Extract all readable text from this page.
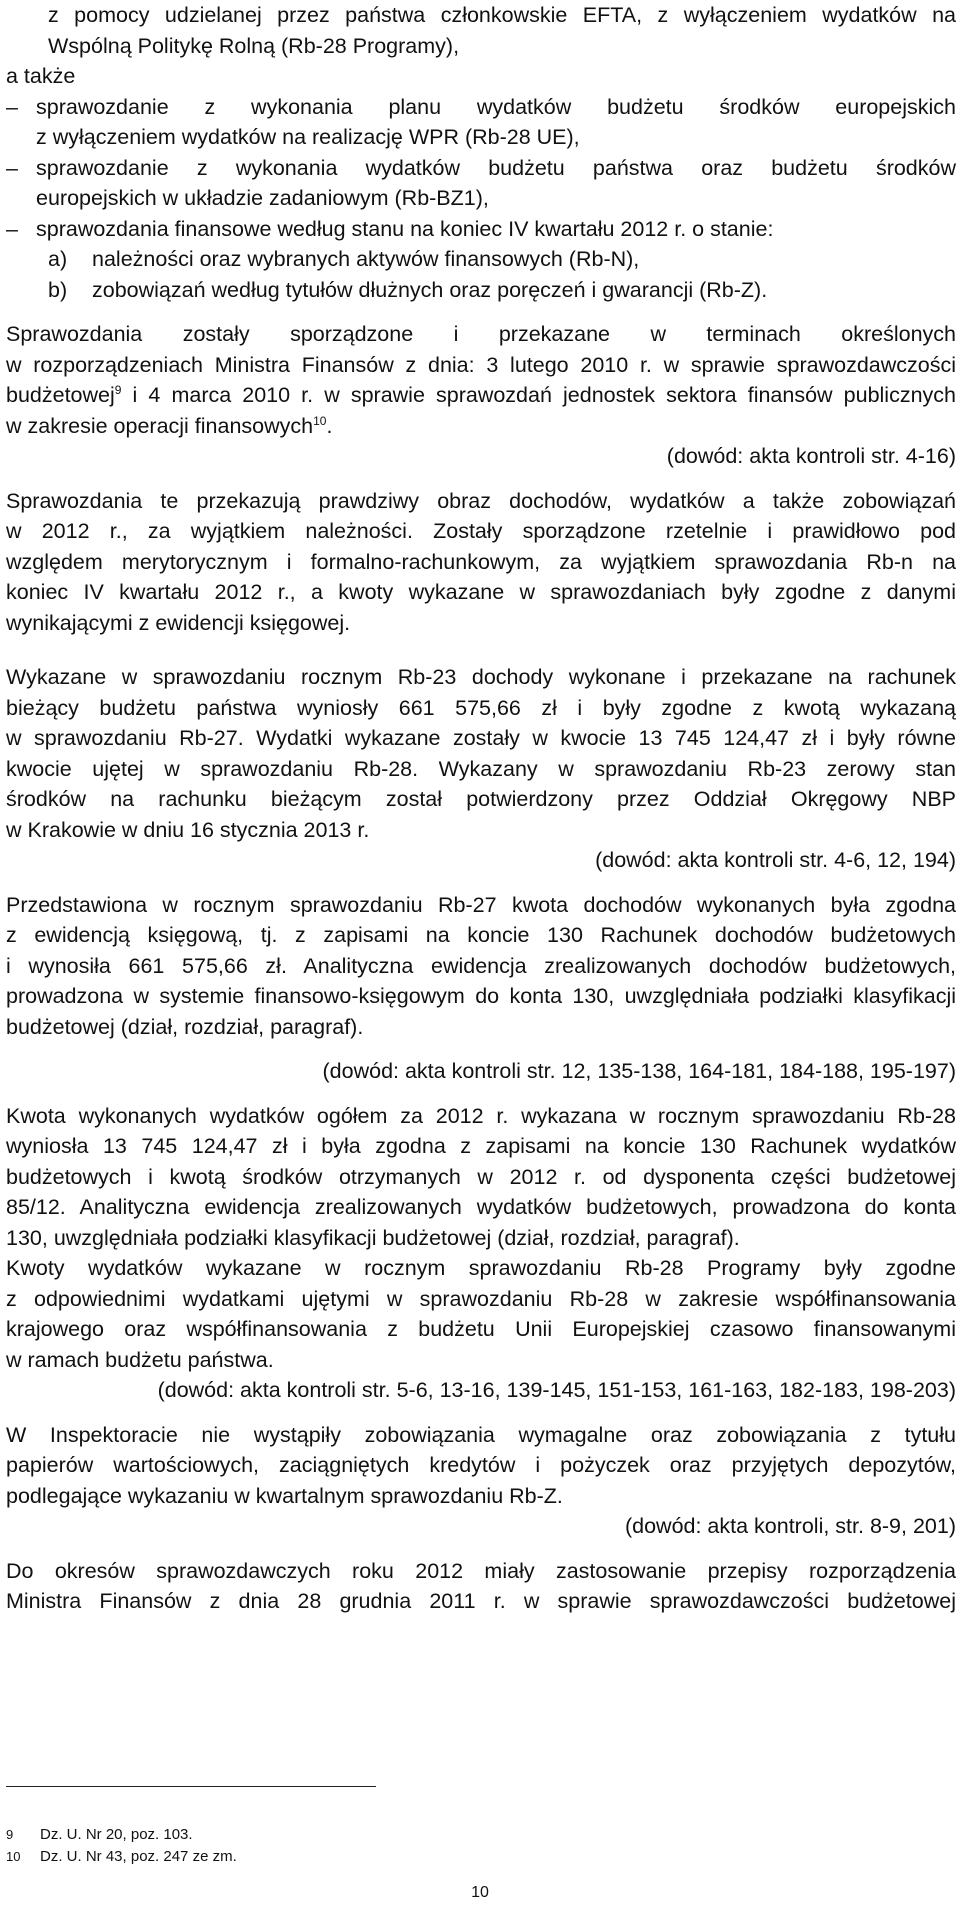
z pomocy udzielanej przez państwa członkowskie EFTA, z wyłączeniem wydatków na
Wspólną Politykę Rolną (Rb-28 Programy),
a także
– sprawozdanie z wykonania planu wydatków budżetu środków europejskich
z wyłączeniem wydatków na realizację WPR (Rb-28 UE),
– sprawozdanie z wykonania wydatków budżetu państwa oraz budżetu środków
europejskich w układzie zadaniowym (Rb-BZ1),
– sprawozdania finansowe według stanu na koniec IV kwartału 2012 r. o stanie:
a) należności oraz wybranych aktywów finansowych (Rb-N),
b) zobowiązań według tytułów dłużnych oraz poręczeń i gwarancji (Rb-Z).
Sprawozdania zostały sporządzone i przekazane w terminach określonych
w rozporządzeniach Ministra Finansów z dnia: 3 lutego 2010 r. w sprawie sprawozdawczości
budżetowej$^9$ i 4 marca 2010 r. w sprawie sprawozdań jednostek sektora finansów publicznych
w zakresie operacji finansowych$^{10}$.
(dowód: akta kontroli str. 4-16)
Sprawozdania te przekazują prawdziwy obraz dochodów, wydatków a także zobowiązań
w 2012 r., za wyjątkiem należności. Zostały sporządzone rzetelnie i prawidłowo pod
względem merytorycznym i formalno-rachunkowym, za wyjątkiem sprawozdania Rb-n na
koniec IV kwartału 2012 r., a kwoty wykazane w sprawozdaniach były zgodne z danymi
wynikającymi z ewidencji księgowej.
Wykazane w sprawozdaniu rocznym Rb-23 dochody wykonane i przekazane na rachunek
bieżący budżetu państwa wyniosły 661 575,66 zł i były zgodne z kwotą wykazaną
w sprawozdaniu Rb-27. Wydatki wykazane zostały w kwocie 13 745 124,47 zł i były równe
kwocie ujętej w sprawozdaniu Rb-28. Wykazany w sprawozdaniu Rb-23 zerowy stan
środków na rachunku bieżącym został potwierdzony przez Oddział Okręgowy NBP
w Krakowie w dniu 16 stycznia 2013 r.
(dowód: akta kontroli str. 4-6, 12, 194)
Przedstawiona w rocznym sprawozdaniu Rb-27 kwota dochodów wykonanych była zgodna
z ewidencją księgową, tj. z zapisami na koncie 130 Rachunek dochodów budżetowych
i wynosiła 661 575,66 zł. Analityczna ewidencja zrealizowanych dochodów budżetowych,
prowadzona w systemie finansowo-księgowym do konta 130, uwzględniała podziałki klasyfikacji
budżetowej (dział, rozdział, paragraf).
(dowód: akta kontroli str. 12, 135-138, 164-181, 184-188, 195-197)
Kwota wykonanych wydatków ogółem za 2012 r. wykazana w rocznym sprawozdaniu Rb-28
wyniosła 13 745 124,47 zł i była zgodna z zapisami na koncie 130 Rachunek wydatków
budżetowych i kwotą środków otrzymanych w 2012 r. od dysponenta części budżetowej
85/12. Analityczna ewidencja zrealizowanych wydatków budżetowych, prowadzona do konta
130, uwzględniała podziałki klasyfikacji budżetowej (dział, rozdział, paragraf).
Kwoty wydatków wykazane w rocznym sprawozdaniu Rb-28 Programy były zgodne
z odpowiednimi wydatkami ujętymi w sprawozdaniu Rb-28 w zakresie współfinansowania
krajowego oraz współfinansowania z budżetu Unii Europejskiej czasowo finansowanymi
w ramach budżetu państwa.
(dowód: akta kontroli str. 5-6, 13-16, 139-145, 151-153, 161-163, 182-183, 198-203)
W Inspektoracie nie wystąpiły zobowiązania wymagalne oraz zobowiązania z tytułu
papierów wartościowych, zaciągniętych kredytów i pożyczek oraz przyjętych depozytów,
podlegające wykazaniu w kwartalnym sprawozdaniu Rb-Z.
(dowód: akta kontroli, str. 8-9, 201)
Do okresów sprawozdawczych roku 2012 miały zastosowanie przepisy rozporządzenia
Ministra Finansów z dnia 28 grudnia 2011 r. w sprawie sprawozdawczości budżetowej
9 Dz. U. Nr 20, poz. 103.
10 Dz. U. Nr 43, poz. 247 ze zm.
10
